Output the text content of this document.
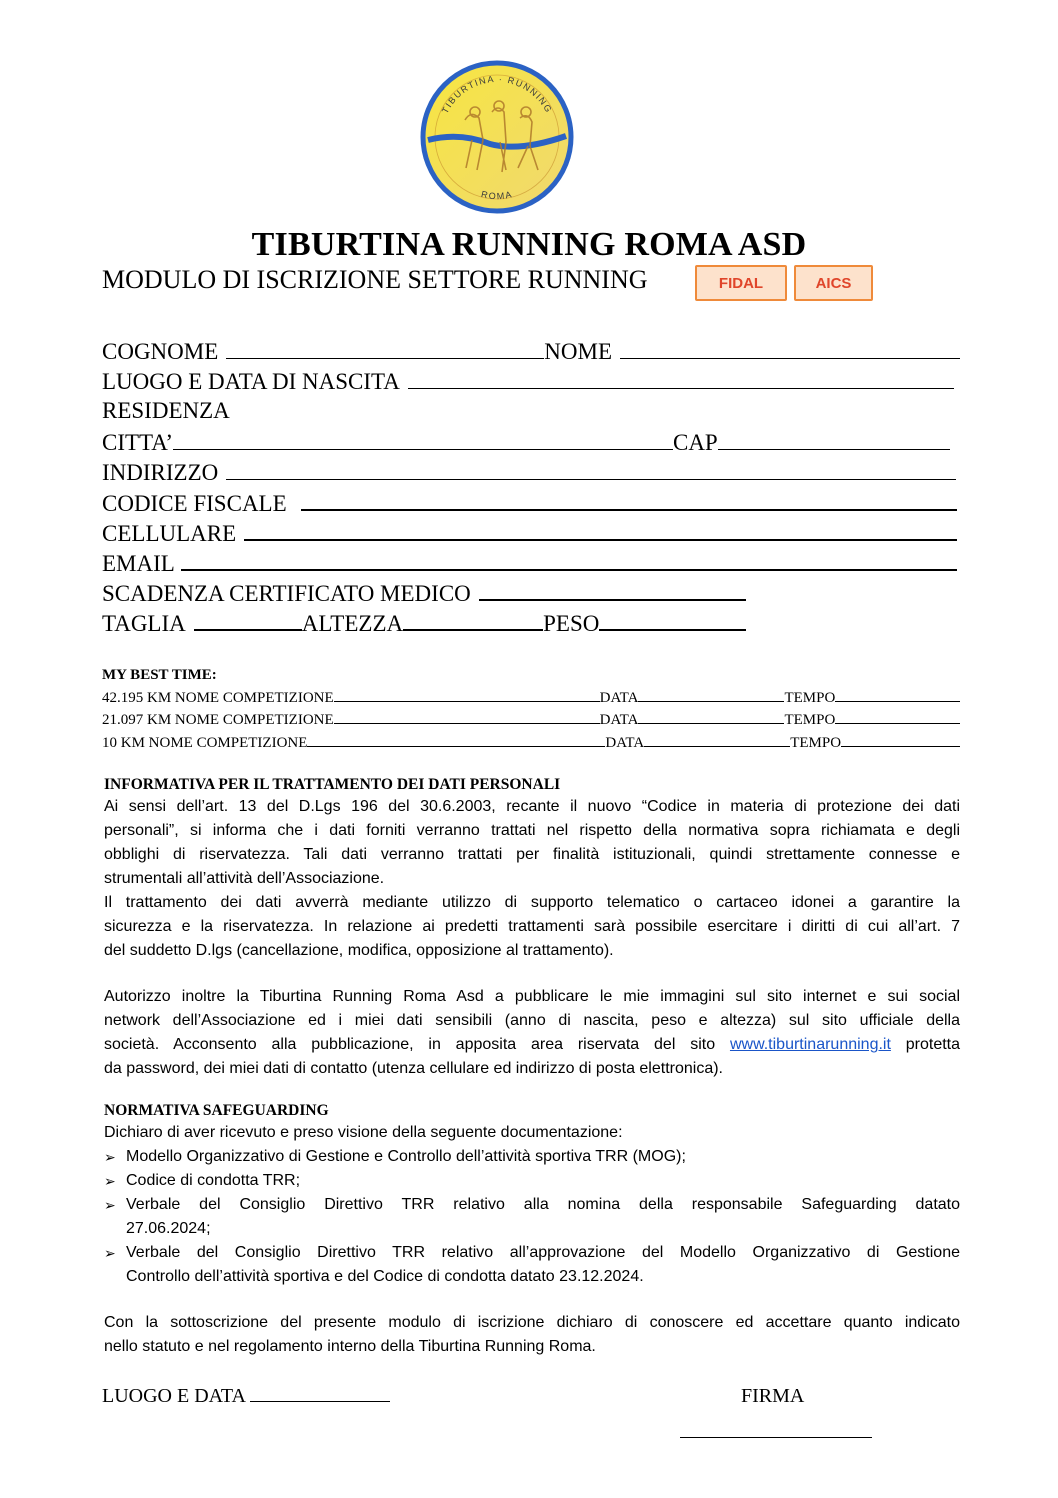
TIBURTINA · RUNNING
ROMA
TIBURTINA RUNNING ROMA ASD
MODULO DI ISCRIZIONE SETTORE RUNNING	FIDAL	AICS
COGNOME	NOME
LUOGO E DATA DI NASCITA
RESIDENZA
CITTA’	CAP
INDIRIZZO
CODICE FISCALE
CELLULARE
EMAIL
SCADENZA CERTIFICATO MEDICO
TAGLIA	ALTEZZA	PESO
MY BEST TIME:
42.195 KM NOME COMPETIZIONE	DATA	TEMPO
21.097 KM NOME COMPETIZIONE	DATA	TEMPO
10 KM NOME COMPETIZIONE	DATA	TEMPO
INFORMATIVA PER IL TRATTAMENTO DEI DATI PERSONALI
Ai sensi dell’art. 13 del D.Lgs 196 del 30.6.2003, recante il nuovo “Codice in materia di protezione dei dati
personali”, si informa che i dati forniti verranno trattati nel rispetto della normativa sopra richiamata e degli
obblighi di riservatezza. Tali dati verranno trattati per finalità istituzionali, quindi strettamente connesse e
strumentali all’attività dell’Associazione.
Il trattamento dei dati avverrà mediante utilizzo di supporto telematico o cartaceo idonei a garantire la
sicurezza e la riservatezza. In relazione ai predetti trattamenti sarà possibile esercitare i diritti di cui all’art. 7
del suddetto D.lgs (cancellazione, modifica, opposizione al trattamento).
Autorizzo inoltre la Tiburtina Running Roma Asd a pubblicare le mie immagini sul sito internet e sui social
network dell’Associazione ed i miei dati sensibili (anno di nascita, peso e altezza) sul sito ufficiale della
società. Acconsento alla pubblicazione, in apposita area riservata del sito www.tiburtinarunning.it protetta
da password, dei miei dati di contatto (utenza cellulare ed indirizzo di posta elettronica).
NORMATIVA SAFEGUARDING
Dichiaro di aver ricevuto e preso visione della seguente documentazione:
➢ Modello Organizzativo di Gestione e Controllo dell’attività sportiva TRR (MOG);
➢ Codice di condotta TRR;
➢ Verbale del Consiglio Direttivo TRR relativo alla nomina della responsabile Safeguarding datato
27.06.2024;
➢ Verbale del Consiglio Direttivo TRR relativo all’approvazione del Modello Organizzativo di Gestione
Controllo dell’attività sportiva e del Codice di condotta datato 23.12.2024.
Con la sottoscrizione del presente modulo di iscrizione dichiaro di conoscere ed accettare quanto indicato
nello statuto e nel regolamento interno della Tiburtina Running Roma.
LUOGO E DATA	FIRMA
